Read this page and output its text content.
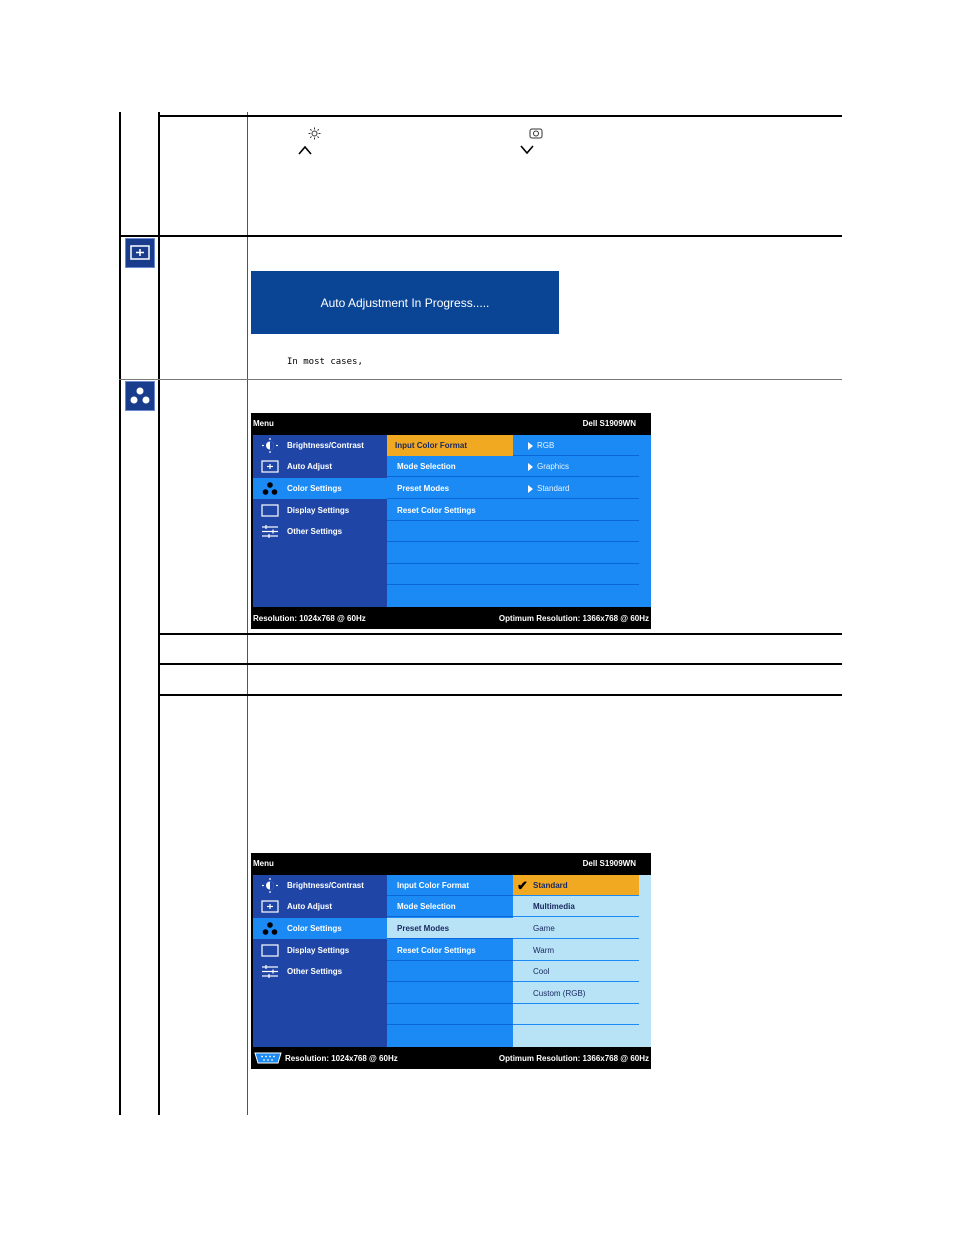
Auto Adjustment In Progress.....
In most cases,
Menu	Dell S1909WN
Brightness/Contrast
Auto Adjust
Color Settings
Display Settings
Other Settings
Input Color Format	RGB
Mode Selection	Graphics
Preset Modes	Standard
Reset Color Settings
Resolution: 1024x768 @ 60Hz	Optimum Resolution: 1366x768 @ 60Hz
Menu	Dell S1909WN
Brightness/Contrast
Auto Adjust
Color Settings
Display Settings
Other Settings
Input Color Format
Mode Selection
Preset Modes
Reset Color Settings
✔ Standard
Multimedia
Game
Warm
Cool
Custom (RGB)
Resolution: 1024x768 @ 60Hz	Optimum Resolution: 1366x768 @ 60Hz
